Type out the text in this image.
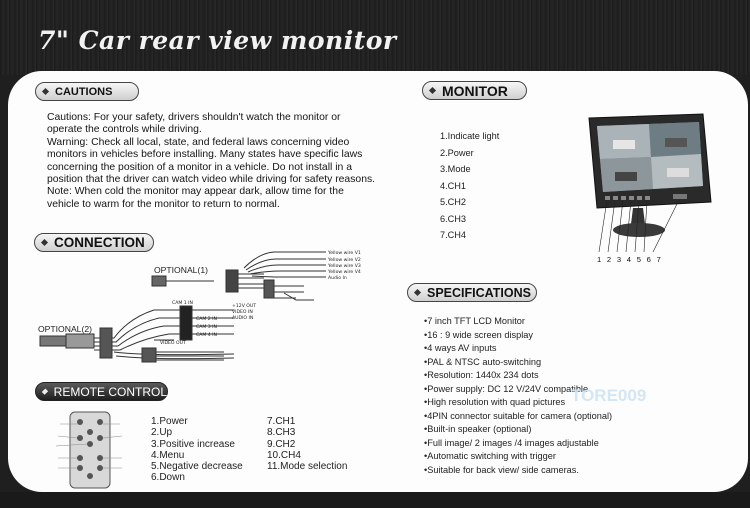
7" Car rear view monitor
CAUTIONS

Cautions: For your safety, drivers shouldn't watch the monitor or operate the controls while driving.

Warning: Check all local, state, and federal laws concerning video monitors in vehicles before installing. Many states have specific laws concerning the position of a monitor in a vehicle. Do not install in a position that the driver can watch video while driving for safety reasons.

Note: When cold the monitor may appear dark, allow time for the vehicle to warm for the monitor to return to normal.

CONNECTION
OPTIONAL(1)
OPTIONAL(2)
Yellow wire V1
Yellow wire V2
Yellow wire V3
Yellow wire V4
Audio In
+12V OUT
VIDEO IN
AUDIO IN
CAM 1 IN
CAM 2 IN
CAM 3 IN
CAM 4 IN
VIDEO OUT
REMOTE CONTROL
1.Power
2.Up
3.Positive increase
4.Menu
5.Negative decrease
6.Down
7.CH1
8.CH3
9.CH2
10.CH4
11.Mode selection
MONITOR
1.Indicate light
2.Power
3.Mode
4.CH1
5.CH2
6.CH3
7.CH4
1 2 3 4 5 6 7
SPECIFICATIONS
• 7 inch TFT LCD Monitor
• 16 : 9 wide screen display
• 4 ways AV inputs
• PAL & NTSC auto-switching
• Resolution: 1440x 234 dots
• Power supply: DC 12 V/24V compatible
• High resolution with quad pictures
• 4PIN connector suitable for camera (optional)
• Built-in speaker (optional)
• Full image/ 2 images /4 images adjustable
• Automatic switching with trigger
• Suitable for back view/ side cameras.
TORE009
